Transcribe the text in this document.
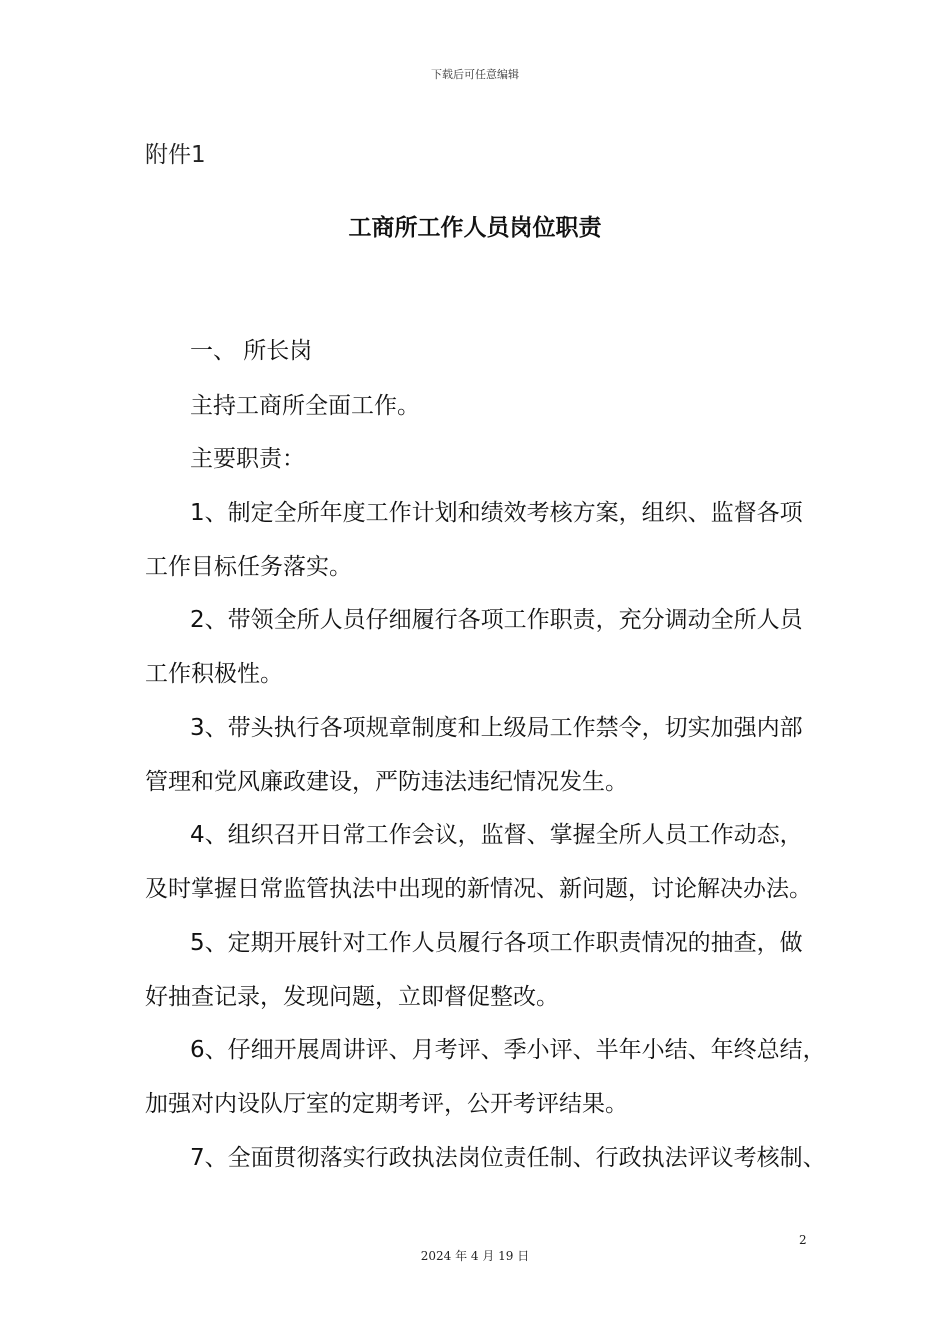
下载后可任意编辑
附件1
工商所工作人员岗位职责
一、 所长岗
主持工商所全面工作。
主要职责：
1、制定全所年度工作计划和绩效考核方案，组织、监督各项
工作目标任务落实。
2、带领全所人员仔细履行各项工作职责，充分调动全所人员
工作积极性。
3、带头执行各项规章制度和上级局工作禁令，切实加强内部
管理和党风廉政建设，严防违法违纪情况发生。
4、组织召开日常工作会议，监督、掌握全所人员工作动态，
及时掌握日常监管执法中出现的新情况、新问题，讨论解决办法。
5、定期开展针对工作人员履行各项工作职责情况的抽查，做
好抽查记录，发现问题，立即督促整改。
6、仔细开展周讲评、月考评、季小评、半年小结、年终总结，
加强对内设队厅室的定期考评，公开考评结果。
7、全面贯彻落实行政执法岗位责任制、行政执法评议考核制、
2
2024 年 4 月 19 日
